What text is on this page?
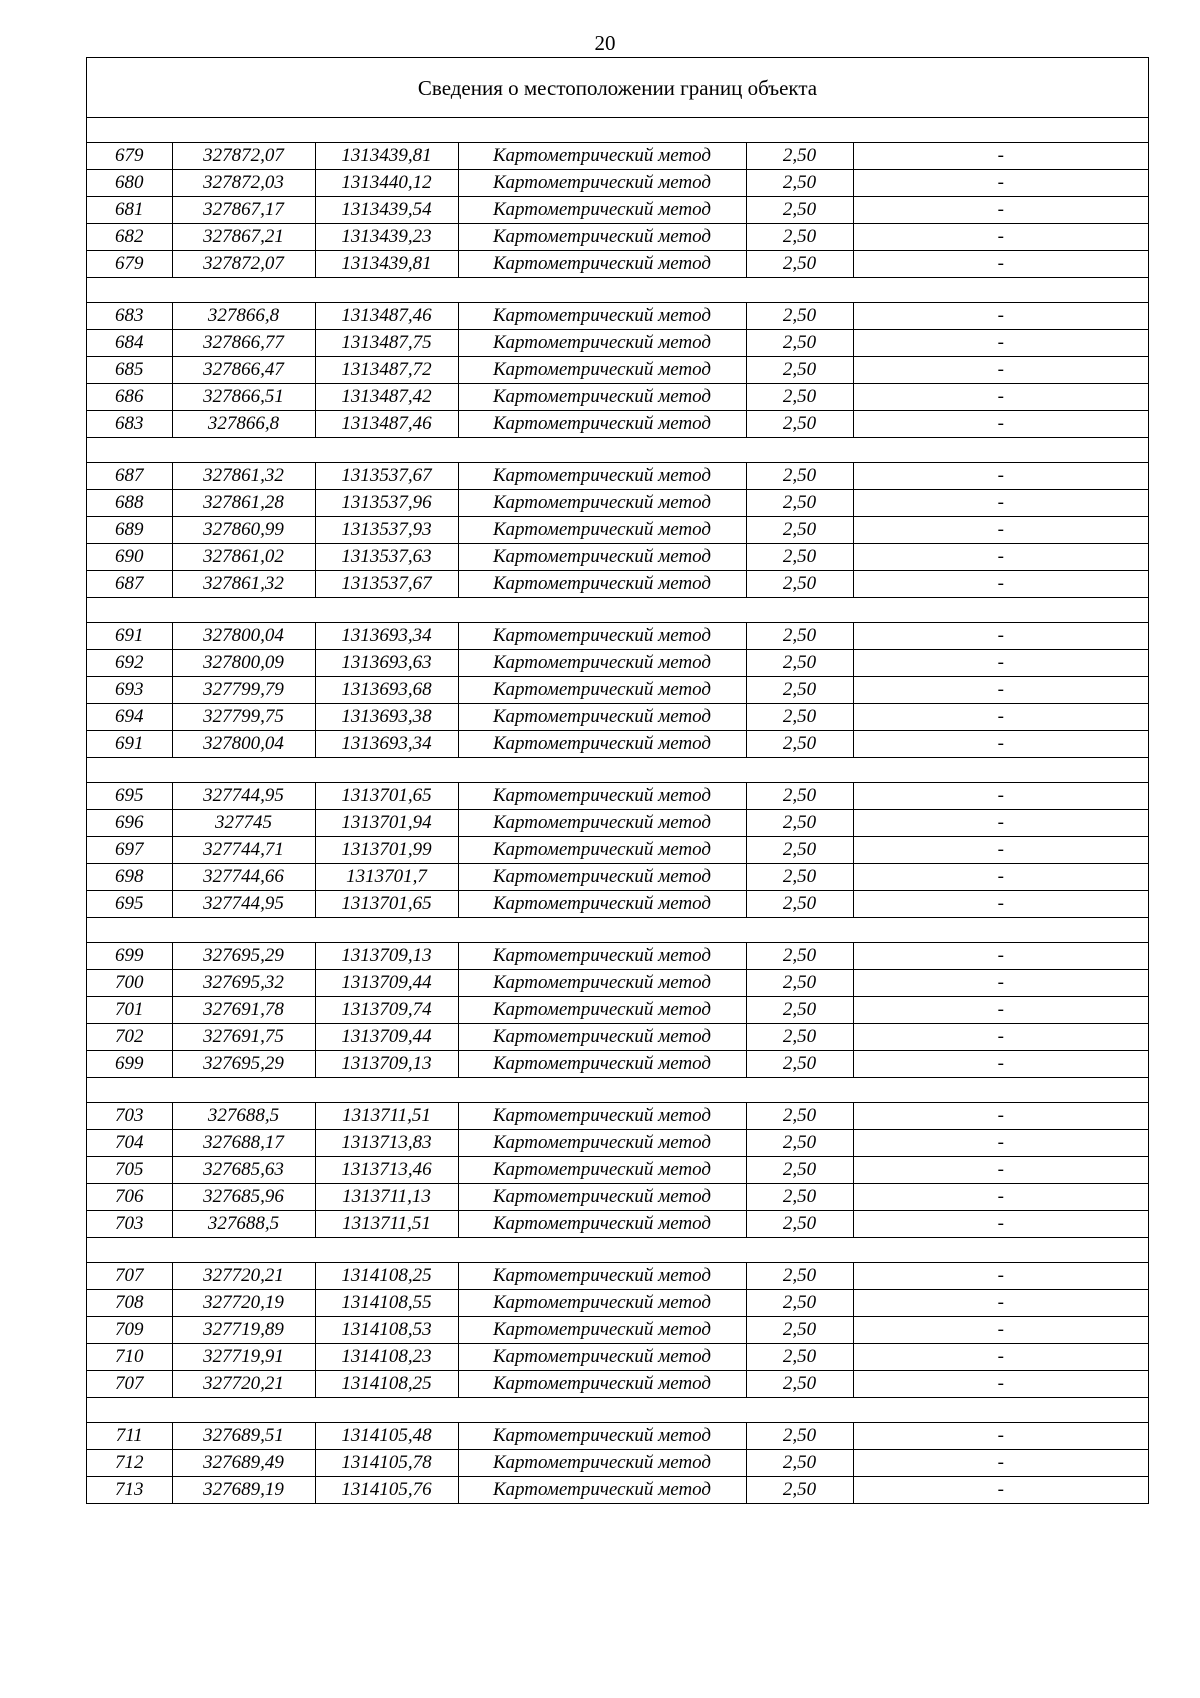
20
Сведения о местоположении границ объекта

679	327872,07	1313439,81	Картометрический метод	2,50	-
680	327872,03	1313440,12	Картометрический метод	2,50	-
681	327867,17	1313439,54	Картометрический метод	2,50	-
682	327867,21	1313439,23	Картометрический метод	2,50	-
679	327872,07	1313439,81	Картометрический метод	2,50	-

683	327866,8	1313487,46	Картометрический метод	2,50	-
684	327866,77	1313487,75	Картометрический метод	2,50	-
685	327866,47	1313487,72	Картометрический метод	2,50	-
686	327866,51	1313487,42	Картометрический метод	2,50	-
683	327866,8	1313487,46	Картометрический метод	2,50	-

687	327861,32	1313537,67	Картометрический метод	2,50	-
688	327861,28	1313537,96	Картометрический метод	2,50	-
689	327860,99	1313537,93	Картометрический метод	2,50	-
690	327861,02	1313537,63	Картометрический метод	2,50	-
687	327861,32	1313537,67	Картометрический метод	2,50	-

691	327800,04	1313693,34	Картометрический метод	2,50	-
692	327800,09	1313693,63	Картометрический метод	2,50	-
693	327799,79	1313693,68	Картометрический метод	2,50	-
694	327799,75	1313693,38	Картометрический метод	2,50	-
691	327800,04	1313693,34	Картометрический метод	2,50	-

695	327744,95	1313701,65	Картометрический метод	2,50	-
696	327745	1313701,94	Картометрический метод	2,50	-
697	327744,71	1313701,99	Картометрический метод	2,50	-
698	327744,66	1313701,7	Картометрический метод	2,50	-
695	327744,95	1313701,65	Картометрический метод	2,50	-

699	327695,29	1313709,13	Картометрический метод	2,50	-
700	327695,32	1313709,44	Картометрический метод	2,50	-
701	327691,78	1313709,74	Картометрический метод	2,50	-
702	327691,75	1313709,44	Картометрический метод	2,50	-
699	327695,29	1313709,13	Картометрический метод	2,50	-

703	327688,5	1313711,51	Картометрический метод	2,50	-
704	327688,17	1313713,83	Картометрический метод	2,50	-
705	327685,63	1313713,46	Картометрический метод	2,50	-
706	327685,96	1313711,13	Картометрический метод	2,50	-
703	327688,5	1313711,51	Картометрический метод	2,50	-

707	327720,21	1314108,25	Картометрический метод	2,50	-
708	327720,19	1314108,55	Картометрический метод	2,50	-
709	327719,89	1314108,53	Картометрический метод	2,50	-
710	327719,91	1314108,23	Картометрический метод	2,50	-
707	327720,21	1314108,25	Картометрический метод	2,50	-

711	327689,51	1314105,48	Картометрический метод	2,50	-
712	327689,49	1314105,78	Картометрический метод	2,50	-
713	327689,19	1314105,76	Картометрический метод	2,50	-
